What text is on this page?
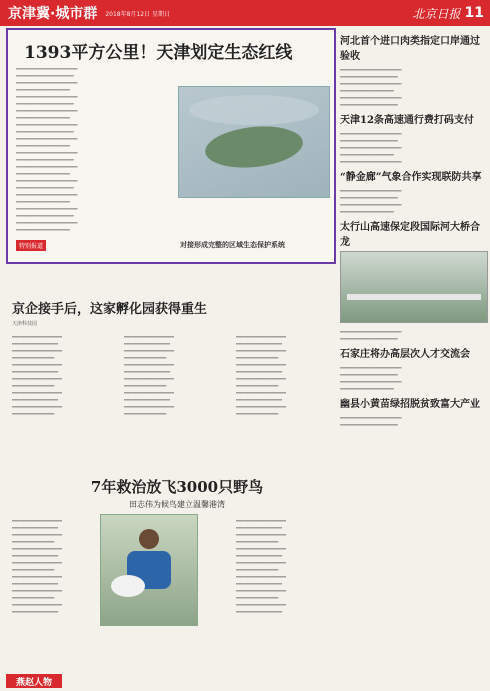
京津冀·城市群 2018年8月12日 星期日	北京日报 11
1393平方公里！天津划定生态红线
▁▁▁▁▁▁▁▁▁▁▁▁▁▁▁▁
▁▁▁▁▁▁▁▁▁▁▁▁▁▁▁
▁▁▁▁▁▁▁▁▁▁▁▁▁▁▁▁
▁▁▁▁▁▁▁▁▁▁▁▁▁▁
▁▁▁▁▁▁▁▁▁▁▁▁▁▁▁▁
▁▁▁▁▁▁▁▁▁▁▁▁▁▁▁
▁▁▁▁▁▁▁▁▁▁▁▁▁▁▁▁
▁▁▁▁▁▁▁▁▁▁▁▁▁▁
▁▁▁▁▁▁▁▁▁▁▁▁▁▁▁▁
▁▁▁▁▁▁▁▁▁▁▁▁▁▁▁
▁▁▁▁▁▁▁▁▁▁▁▁▁▁▁▁
▁▁▁▁▁▁▁▁▁▁▁▁▁▁
▁▁▁▁▁▁▁▁▁▁▁▁▁▁▁▁
▁▁▁▁▁▁▁▁▁▁▁▁▁▁▁
▁▁▁▁▁▁▁▁▁▁▁▁▁▁▁▁
▁▁▁▁▁▁▁▁▁▁▁▁▁▁
▁▁▁▁▁▁▁▁▁▁▁▁▁▁▁▁
▁▁▁▁▁▁▁▁▁▁▁▁▁▁▁
▁▁▁▁▁▁▁▁▁▁▁▁▁▁▁▁
▁▁▁▁▁▁▁▁▁▁▁▁▁▁
▁▁▁▁▁▁▁▁▁▁▁▁▁▁▁▁
▁▁▁▁▁▁▁▁▁▁▁▁▁▁▁
▁▁▁▁▁▁▁▁▁▁▁▁▁▁▁▁
▁▁▁▁▁▁▁▁▁▁▁▁▁▁
特别报道	对接形成完整的区域生态保护系统
京企接手后，这家孵化园获得重生
天津科技园
▁▁▁▁▁▁▁▁▁▁▁▁▁
▁▁▁▁▁▁▁▁▁▁▁▁
▁▁▁▁▁▁▁▁▁▁▁▁▁
▁▁▁▁▁▁▁▁▁▁▁
▁▁▁▁▁▁▁▁▁▁▁▁▁
▁▁▁▁▁▁▁▁▁▁▁▁
▁▁▁▁▁▁▁▁▁▁▁▁▁
▁▁▁▁▁▁▁▁▁▁▁
▁▁▁▁▁▁▁▁▁▁▁▁▁
▁▁▁▁▁▁▁▁▁▁▁▁
▁▁▁▁▁▁▁▁▁▁▁▁▁
▁▁▁▁▁▁▁▁▁▁▁
▁▁▁▁▁▁▁▁▁▁▁▁▁
▁▁▁▁▁▁▁▁▁▁▁▁
▁▁▁▁▁▁▁▁▁▁▁▁▁
▁▁▁▁▁▁▁▁▁▁▁
▁▁▁▁▁▁▁▁▁▁▁▁▁
▁▁▁▁▁▁▁▁▁▁▁▁
▁▁▁▁▁▁▁▁▁▁▁▁▁
▁▁▁▁▁▁▁▁▁▁▁
▁▁▁▁▁▁▁▁▁▁▁▁▁
▁▁▁▁▁▁▁▁▁▁▁▁
▁▁▁▁▁▁▁▁▁▁▁▁▁
▁▁▁▁▁▁▁▁▁▁▁
▁▁▁▁▁▁▁▁▁▁▁▁▁
▁▁▁▁▁▁▁▁▁▁▁▁
▁▁▁▁▁▁▁▁▁▁▁▁▁
▁▁▁▁▁▁▁▁▁▁▁
▁▁▁▁▁▁▁▁▁▁▁▁▁
▁▁▁▁▁▁▁▁▁▁▁▁
▁▁▁▁▁▁▁▁▁▁▁▁▁
▁▁▁▁▁▁▁▁▁▁▁
▁▁▁▁▁▁▁▁▁▁▁▁▁
▁▁▁▁▁▁▁▁▁▁▁▁
▁▁▁▁▁▁▁▁▁▁▁▁▁
▁▁▁▁▁▁▁▁▁▁▁
7年救治放飞3000只野鸟
田志伟为候鸟建立温馨港湾
▁▁▁▁▁▁▁▁▁▁▁▁▁
▁▁▁▁▁▁▁▁▁▁▁▁
▁▁▁▁▁▁▁▁▁▁▁▁▁
▁▁▁▁▁▁▁▁▁▁▁
▁▁▁▁▁▁▁▁▁▁▁▁▁
▁▁▁▁▁▁▁▁▁▁▁▁
▁▁▁▁▁▁▁▁▁▁▁▁▁
▁▁▁▁▁▁▁▁▁▁▁
▁▁▁▁▁▁▁▁▁▁▁▁▁
▁▁▁▁▁▁▁▁▁▁▁▁
▁▁▁▁▁▁▁▁▁▁▁▁▁
▁▁▁▁▁▁▁▁▁▁▁
▁▁▁▁▁▁▁▁▁▁▁▁▁
▁▁▁▁▁▁▁▁▁▁▁▁
▁▁▁▁▁▁▁▁▁▁▁▁▁
▁▁▁▁▁▁▁▁▁▁▁▁
▁▁▁▁▁▁▁▁▁▁▁▁▁
▁▁▁▁▁▁▁▁▁▁▁
▁▁▁▁▁▁▁▁▁▁▁▁▁
▁▁▁▁▁▁▁▁▁▁▁▁
▁▁▁▁▁▁▁▁▁▁▁▁▁
▁▁▁▁▁▁▁▁▁▁▁
▁▁▁▁▁▁▁▁▁▁▁▁▁
▁▁▁▁▁▁▁▁▁▁▁▁
▁▁▁▁▁▁▁▁▁▁▁▁▁
▁▁▁▁▁▁▁▁▁▁▁
▁▁▁▁▁▁▁▁▁▁▁▁▁
▁▁▁▁▁▁▁▁▁▁▁▁
河北首个进口肉类指定口岸通过验收
▁▁▁▁▁▁▁▁▁▁▁▁▁▁▁▁
▁▁▁▁▁▁▁▁▁▁▁▁▁▁▁
▁▁▁▁▁▁▁▁▁▁▁▁▁▁▁▁
▁▁▁▁▁▁▁▁▁▁▁▁▁▁
▁▁▁▁▁▁▁▁▁▁▁▁▁▁▁▁
▁▁▁▁▁▁▁▁▁▁▁▁▁▁▁
天津12条高速通行费打码支付
▁▁▁▁▁▁▁▁▁▁▁▁▁▁▁▁
▁▁▁▁▁▁▁▁▁▁▁▁▁▁▁
▁▁▁▁▁▁▁▁▁▁▁▁▁▁▁▁
▁▁▁▁▁▁▁▁▁▁▁▁▁▁
▁▁▁▁▁▁▁▁▁▁▁▁▁▁▁▁
“静金廊”气象合作实现联防共享
▁▁▁▁▁▁▁▁▁▁▁▁▁▁▁▁
▁▁▁▁▁▁▁▁▁▁▁▁▁▁▁
▁▁▁▁▁▁▁▁▁▁▁▁▁▁▁▁
▁▁▁▁▁▁▁▁▁▁▁▁▁▁
太行山高速保定段国际河大桥合龙
▁▁▁▁▁▁▁▁▁▁▁▁▁▁▁▁
▁▁▁▁▁▁▁▁▁▁▁▁▁▁▁
石家庄将办高层次人才交流会
▁▁▁▁▁▁▁▁▁▁▁▁▁▁▁▁
▁▁▁▁▁▁▁▁▁▁▁▁▁▁▁
▁▁▁▁▁▁▁▁▁▁▁▁▁▁▁▁
▁▁▁▁▁▁▁▁▁▁▁▁▁▁
幽县小黄苗绿招脱贫致富大产业
▁▁▁▁▁▁▁▁▁▁▁▁▁▁▁▁
▁▁▁▁▁▁▁▁▁▁▁▁▁▁▁
燕赵人物
